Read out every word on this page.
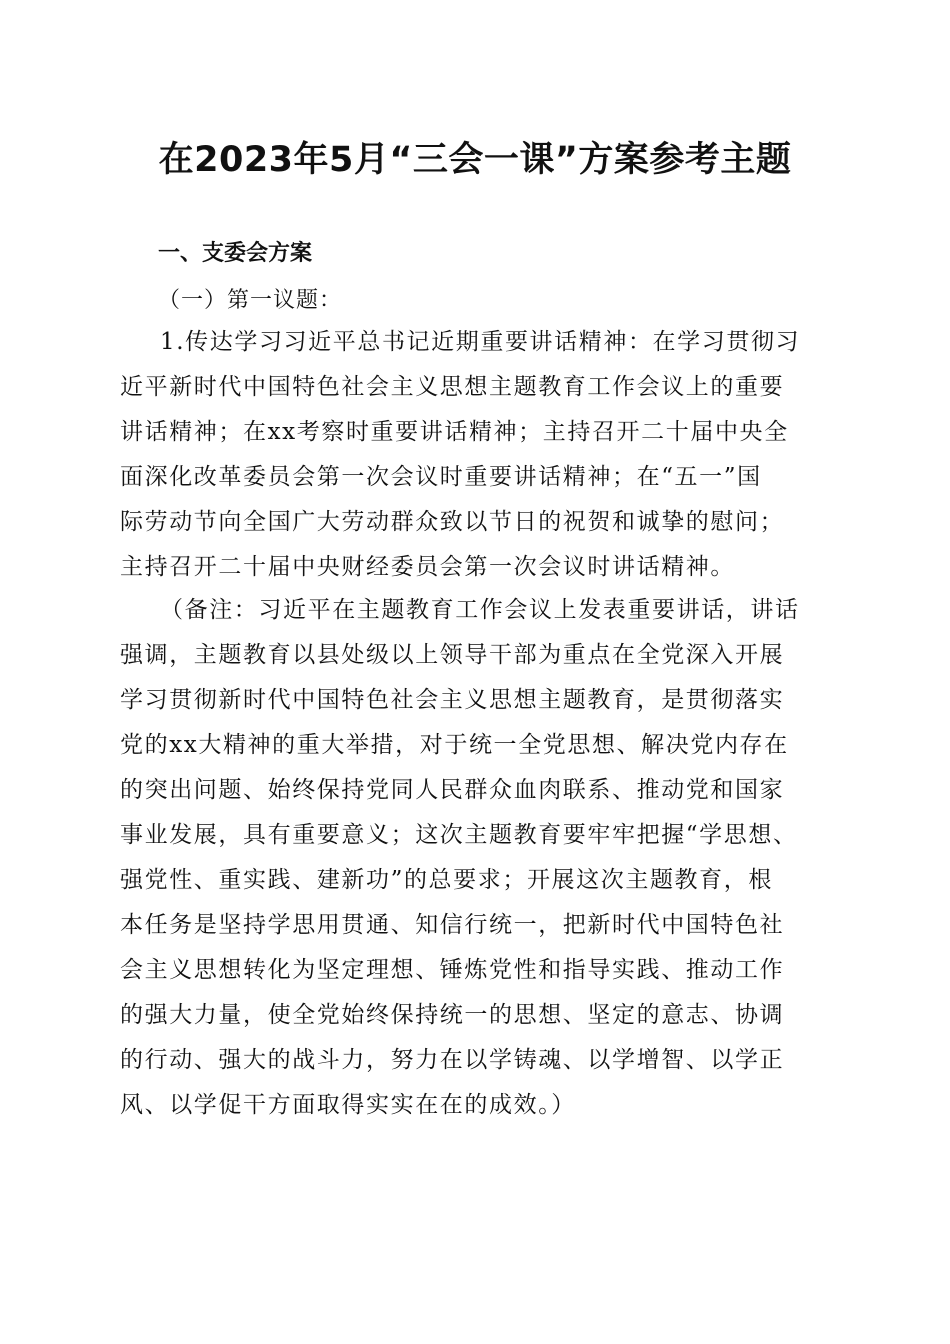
在2023年5月“三会一课”方案参考主题
一、支委会方案
（一）第一议题：
1.传达学习习近平总书记近期重要讲话精神：在学习贯彻习
近平新时代中国特色社会主义思想主题教育工作会议上的重要
讲话精神；在xx考察时重要讲话精神；主持召开二十届中央全
面深化改革委员会第一次会议时重要讲话精神；在“五一”国
际劳动节向全国广大劳动群众致以节日的祝贺和诚挚的慰问；
主持召开二十届中央财经委员会第一次会议时讲话精神。
（备注：习近平在主题教育工作会议上发表重要讲话，讲话
强调，主题教育以县处级以上领导干部为重点在全党深入开展
学习贯彻新时代中国特色社会主义思想主题教育，是贯彻落实
党的xx大精神的重大举措，对于统一全党思想、解决党内存在
的突出问题、始终保持党同人民群众血肉联系、推动党和国家
事业发展，具有重要意义；这次主题教育要牢牢把握“学思想、
强党性、重实践、建新功”的总要求；开展这次主题教育，根
本任务是坚持学思用贯通、知信行统一，把新时代中国特色社
会主义思想转化为坚定理想、锤炼党性和指导实践、推动工作
的强大力量，使全党始终保持统一的思想、坚定的意志、协调
的行动、强大的战斗力，努力在以学铸魂、以学增智、以学正
风、以学促干方面取得实实在在的成效。）
